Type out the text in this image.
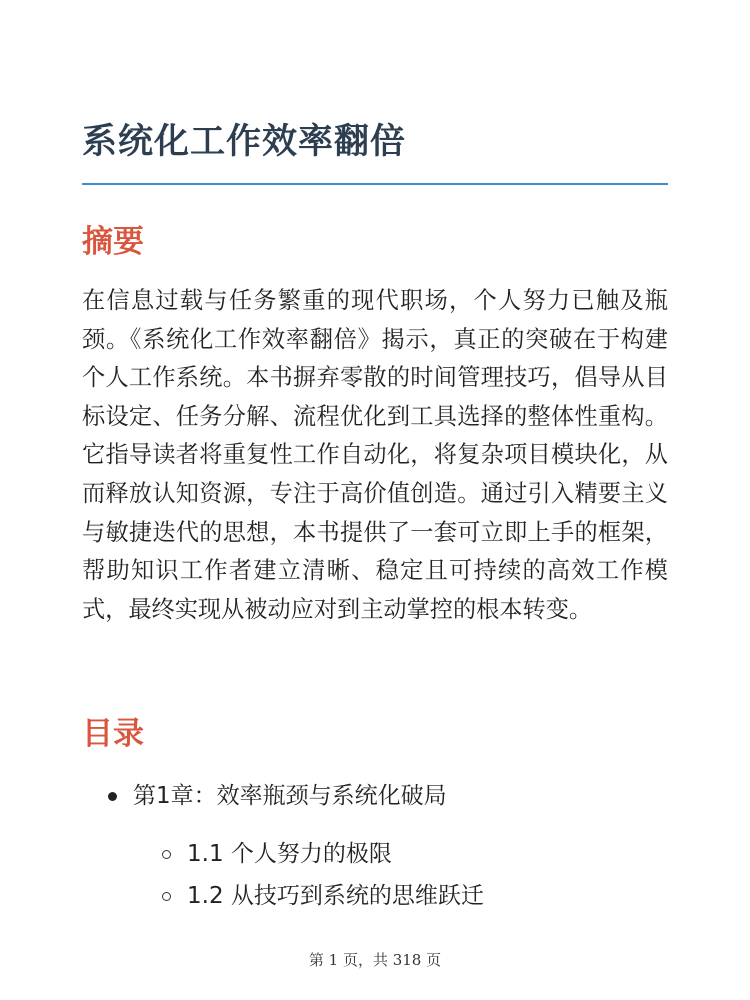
系统化工作效率翻倍
摘要

在信息过载与任务繁重的现代职场，个人努力已触及瓶颈。《系统化工作效率翻倍》揭示，真正的突破在于构建个人工作系统。本书摒弃零散的时间管理技巧，倡导从目标设定、任务分解、流程优化到工具选择的整体性重构。它指导读者将重复性工作自动化，将复杂项目模块化，从而释放认知资源，专注于高价值创造。通过引入精要主义与敏捷迭代的思想，本书提供了一套可立即上手的框架，帮助知识工作者建立清晰、稳定且可持续的高效工作模式，最终实现从被动应对到主动掌控的根本转变。

目录
第1章：效率瓶颈与系统化破局
1.1 个人努力的极限
1.2 从技巧到系统的思维跃迁
第 1 页，共 318 页
